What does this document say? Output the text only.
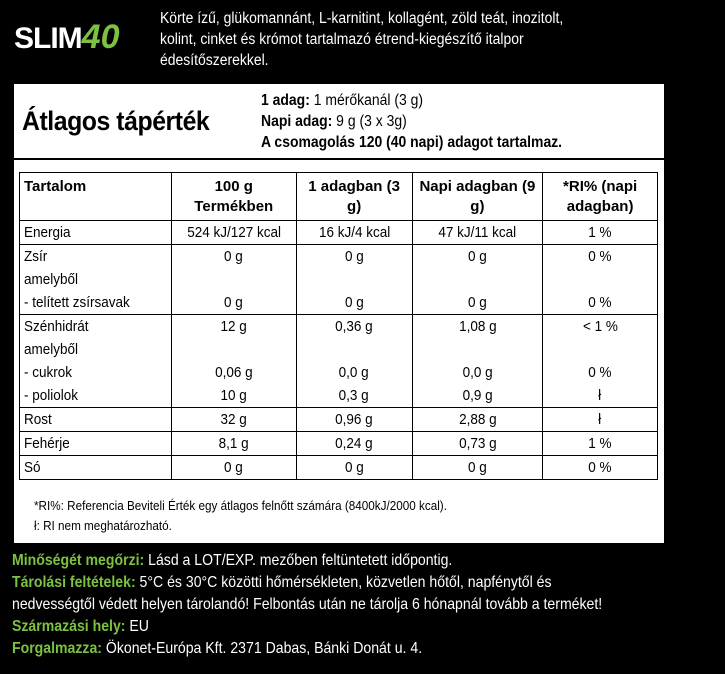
SLIM40	Körte ízű, glükomannánt, L-karnitint, kollagént, zöld teát, inozitolt,
kolint, cinket és krómot tartalmazó étrend-kiegészítő italpor
édesítőszerekkel.
Átlagos tápérték
1 adag: 1 mérőkanál (3 g)
Napi adag: 9 g (3 x 3g)
A csomagolás 120 (40 napi) adagot tartalmaz.
Tartalom	100 g Termékben	1 adagban (3 g)	Napi adagban (9 g)	*RI% (napi adagban)
Energia	524 kJ/127 kcal	16 kJ/4 kcal	47 kJ/11 kcal	1 %
Zsír	0 g	0 g	0 g	0 %
amelyből				
- telített zsírsavak	0 g	0 g	0 g	0 %
Szénhidrát	12 g	0,36 g	1,08 g	< 1 %
amelyből				
- cukrok	0,06 g	0,0 g	0,0 g	0 %
- poliolok	10 g	0,3 g	0,9 g	ł
Rost	32 g	0,96 g	2,88 g	ł
Fehérje	8,1 g	0,24 g	0,73 g	1 %
Só	0 g	0 g	0 g	0 %
*RI%: Referencia Beviteli Érték egy átlagos felnőtt számára (8400kJ/2000 kcal).
ł: RI nem meghatározható.
Minőségét megőrzi: Lásd a LOT/EXP. mezőben feltüntetett időpontig.
Tárolási feltételek: 5°C és 30°C közötti hőmérsékleten, közvetlen hőtől, napfénytől és
nedvességtől védett helyen tárolandó! Felbontás után ne tárolja 6 hónapnál tovább a terméket!
Származási hely: EU
Forgalmazza: Ökonet-Európa Kft. 2371 Dabas, Bánki Donát u. 4.
